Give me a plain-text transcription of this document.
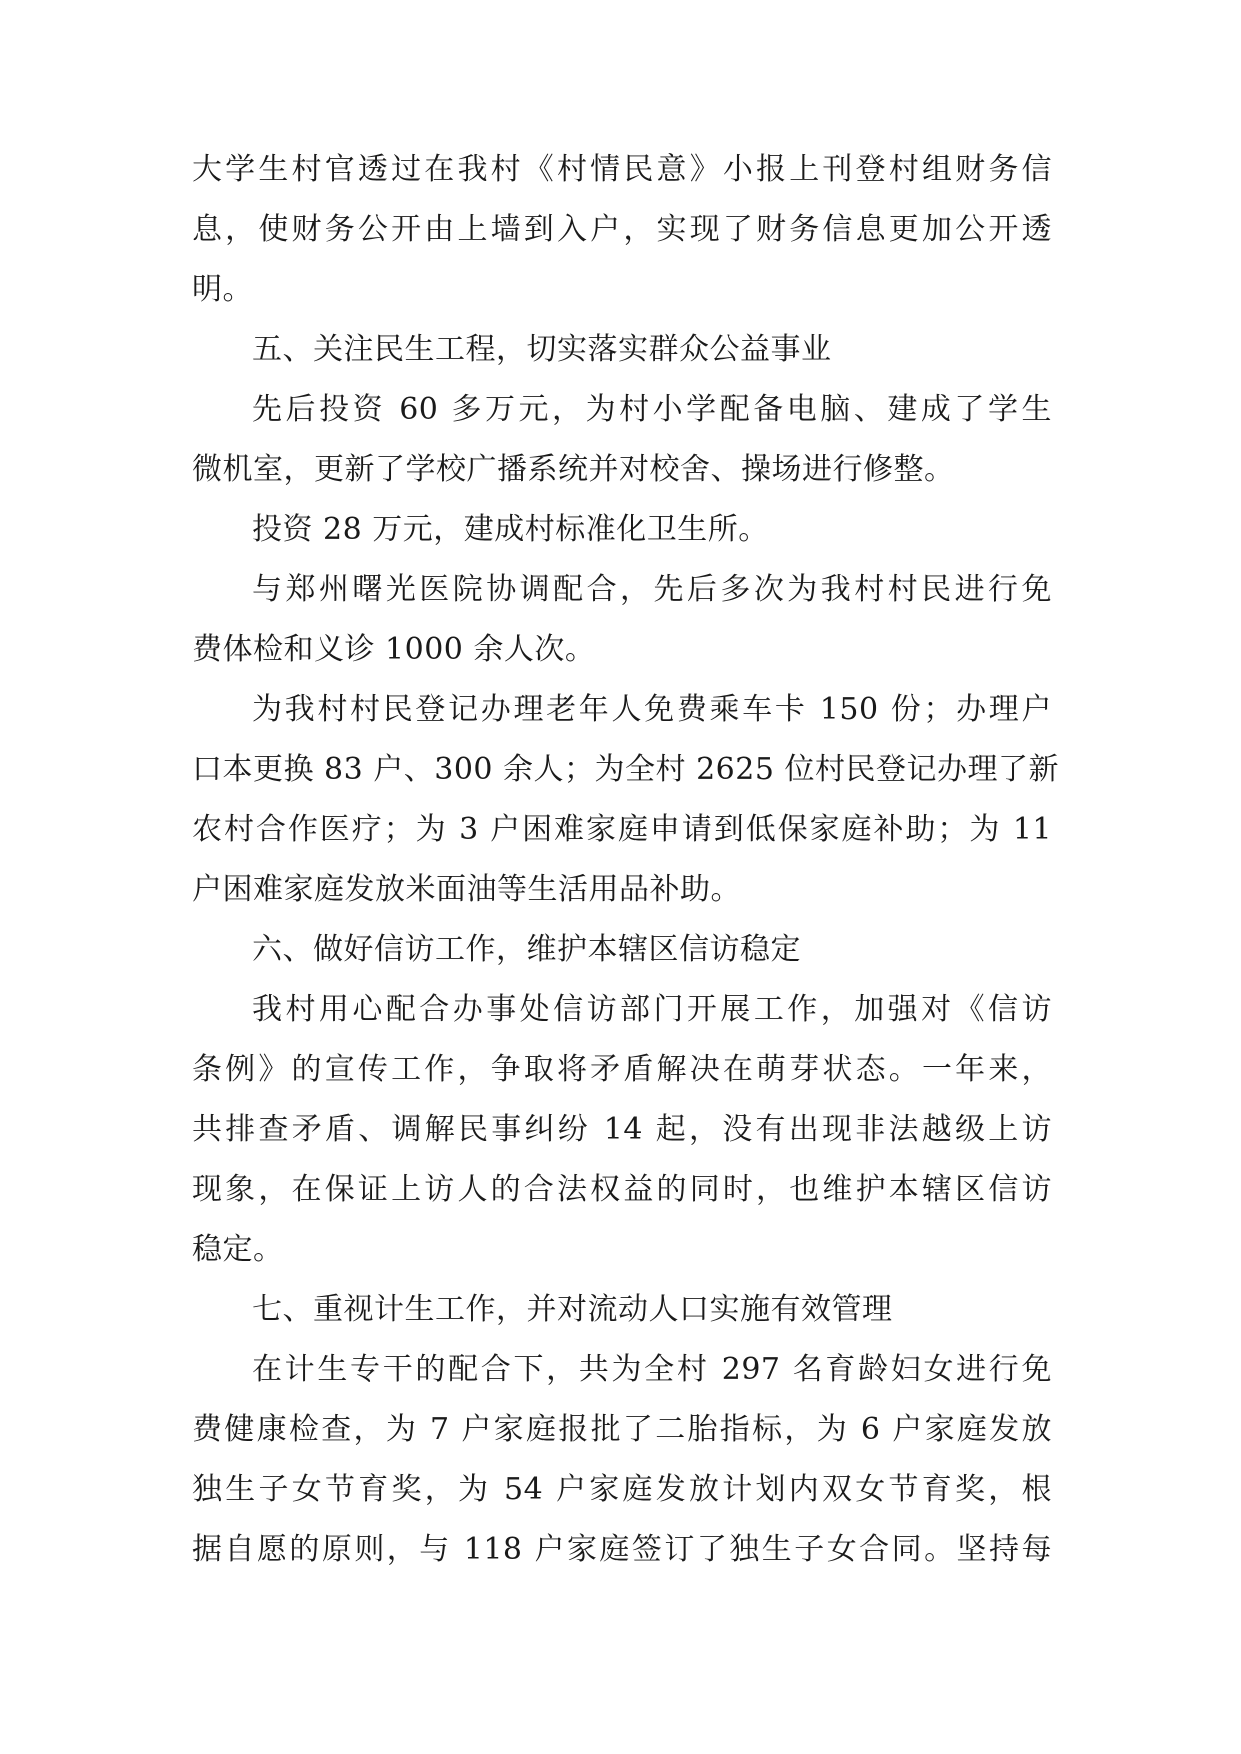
大学生村官透过在我村《村情民意》小报上刊登村组财务信
息，使财务公开由上墙到入户，实现了财务信息更加公开透
明。
五、关注民生工程，切实落实群众公益事业
先后投资 60 多万元，为村小学配备电脑、建成了学生
微机室，更新了学校广播系统并对校舍、操场进行修整。
投资 28 万元，建成村标准化卫生所。
与郑州曙光医院协调配合，先后多次为我村村民进行免
费体检和义诊 1000 余人次。
为我村村民登记办理老年人免费乘车卡 150 份；办理户
口本更换 83 户、300 余人；为全村 2625 位村民登记办理了新
农村合作医疗；为 3 户困难家庭申请到低保家庭补助；为 11
户困难家庭发放米面油等生活用品补助。
六、做好信访工作，维护本辖区信访稳定
我村用心配合办事处信访部门开展工作，加强对《信访
条例》的宣传工作，争取将矛盾解决在萌芽状态。一年来，
共排查矛盾、调解民事纠纷 14 起，没有出现非法越级上访
现象，在保证上访人的合法权益的同时，也维护本辖区信访
稳定。
七、重视计生工作，并对流动人口实施有效管理
在计生专干的配合下，共为全村 297 名育龄妇女进行免
费健康检查，为 7 户家庭报批了二胎指标，为 6 户家庭发放
独生子女节育奖，为 54 户家庭发放计划内双女节育奖，根
据自愿的原则，与 118 户家庭签订了独生子女合同。坚持每
